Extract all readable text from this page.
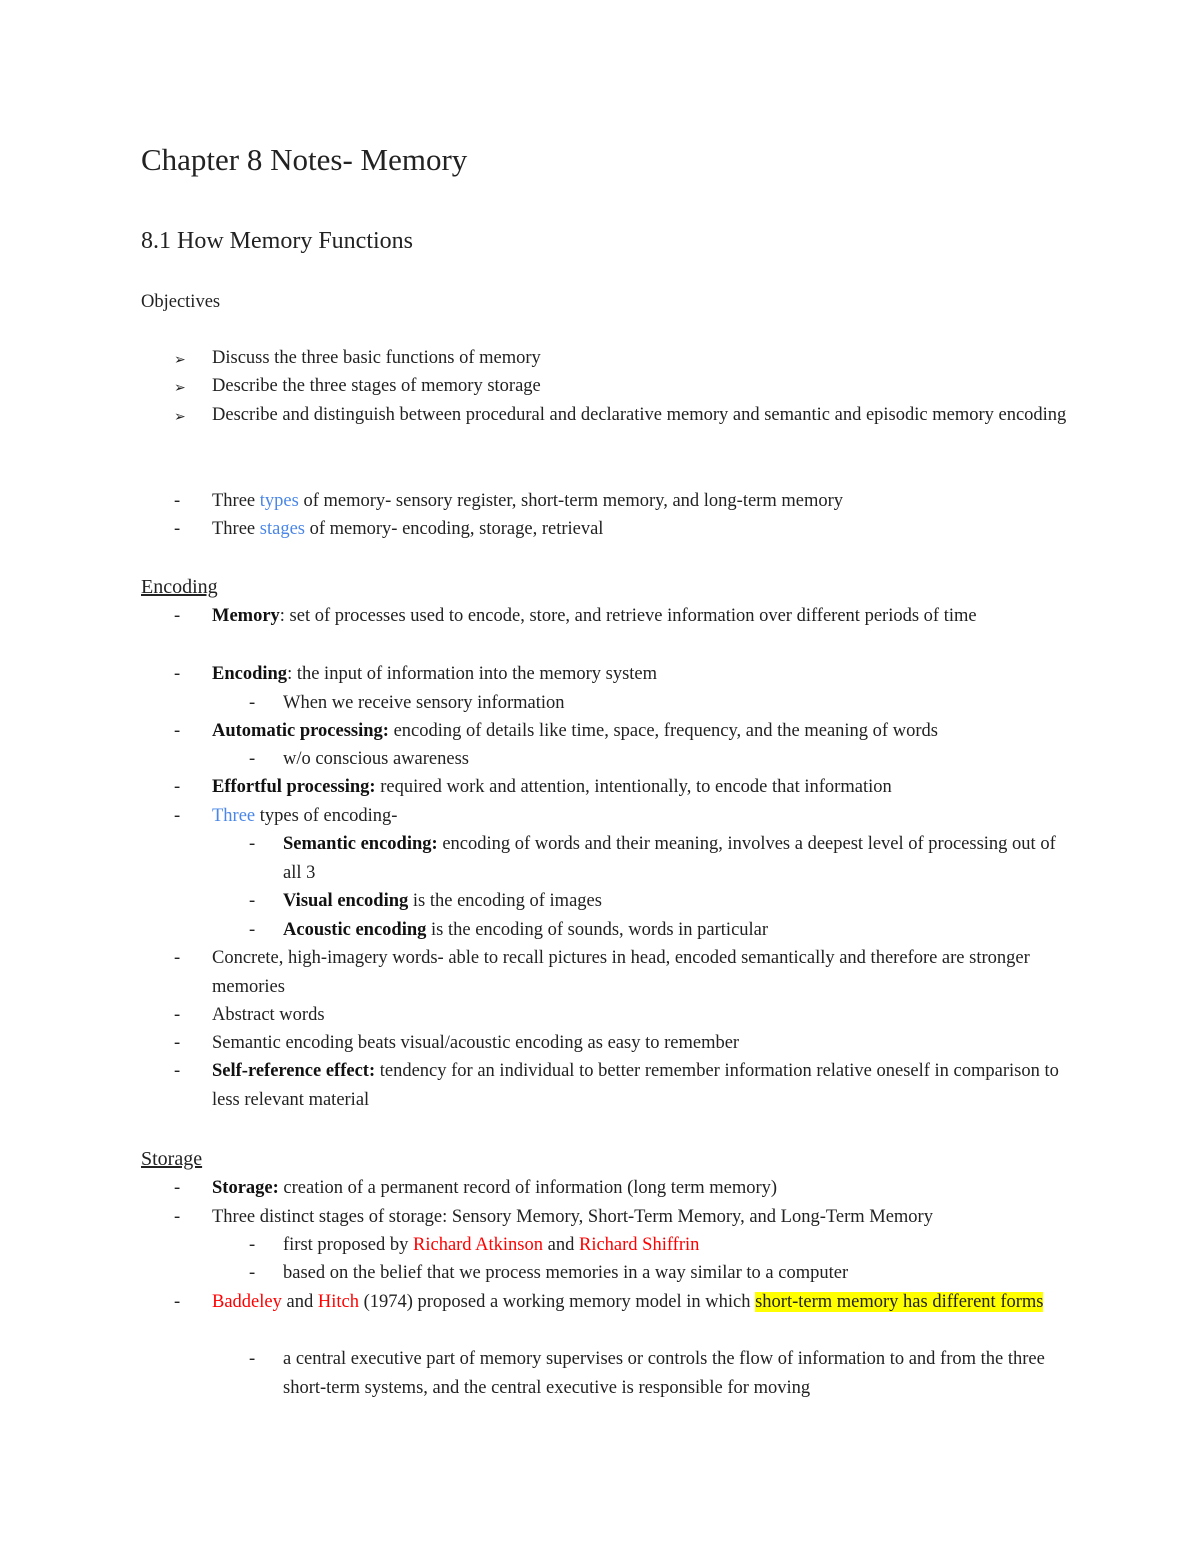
Chapter 8 Notes- Memory
8.1 How Memory Functions
Objectives
➢ Discuss the three basic functions of memory
➢ Describe the three stages of memory storage
➢ Describe and distinguish between procedural and declarative memory and semantic and episodic memory encoding
- Three types of memory- sensory register, short-term memory, and long-term memory
- Three stages of memory- encoding, storage, retrieval
Encoding
- Memory: set of processes used to encode, store, and retrieve information over different periods of time
- Encoding: the input of information into the memory system
- When we receive sensory information
- Automatic processing: encoding of details like time, space, frequency, and the meaning of words
- w/o conscious awareness
- Effortful processing: required work and attention, intentionally, to encode that information
- Three types of encoding-
- Semantic encoding: encoding of words and their meaning, involves a deepest level of processing out of all 3
- Visual encoding is the encoding of images
- Acoustic encoding is the encoding of sounds, words in particular
- Concrete, high-imagery words- able to recall pictures in head, encoded semantically and therefore are stronger memories
- Abstract words
- Semantic encoding beats visual/acoustic encoding as easy to remember
- Self-reference effect: tendency for an individual to better remember information relative oneself in comparison to less relevant material
Storage
- Storage: creation of a permanent record of information (long term memory)
- Three distinct stages of storage: Sensory Memory, Short-Term Memory, and Long-Term Memory
- first proposed by Richard Atkinson and Richard Shiffrin
- based on the belief that we process memories in a way similar to a computer
- Baddeley and Hitch (1974) proposed a working memory model in which short-term memory has different forms
- a central executive part of memory supervises or controls the flow of information to and from the three short-term systems, and the central executive is responsible for moving
